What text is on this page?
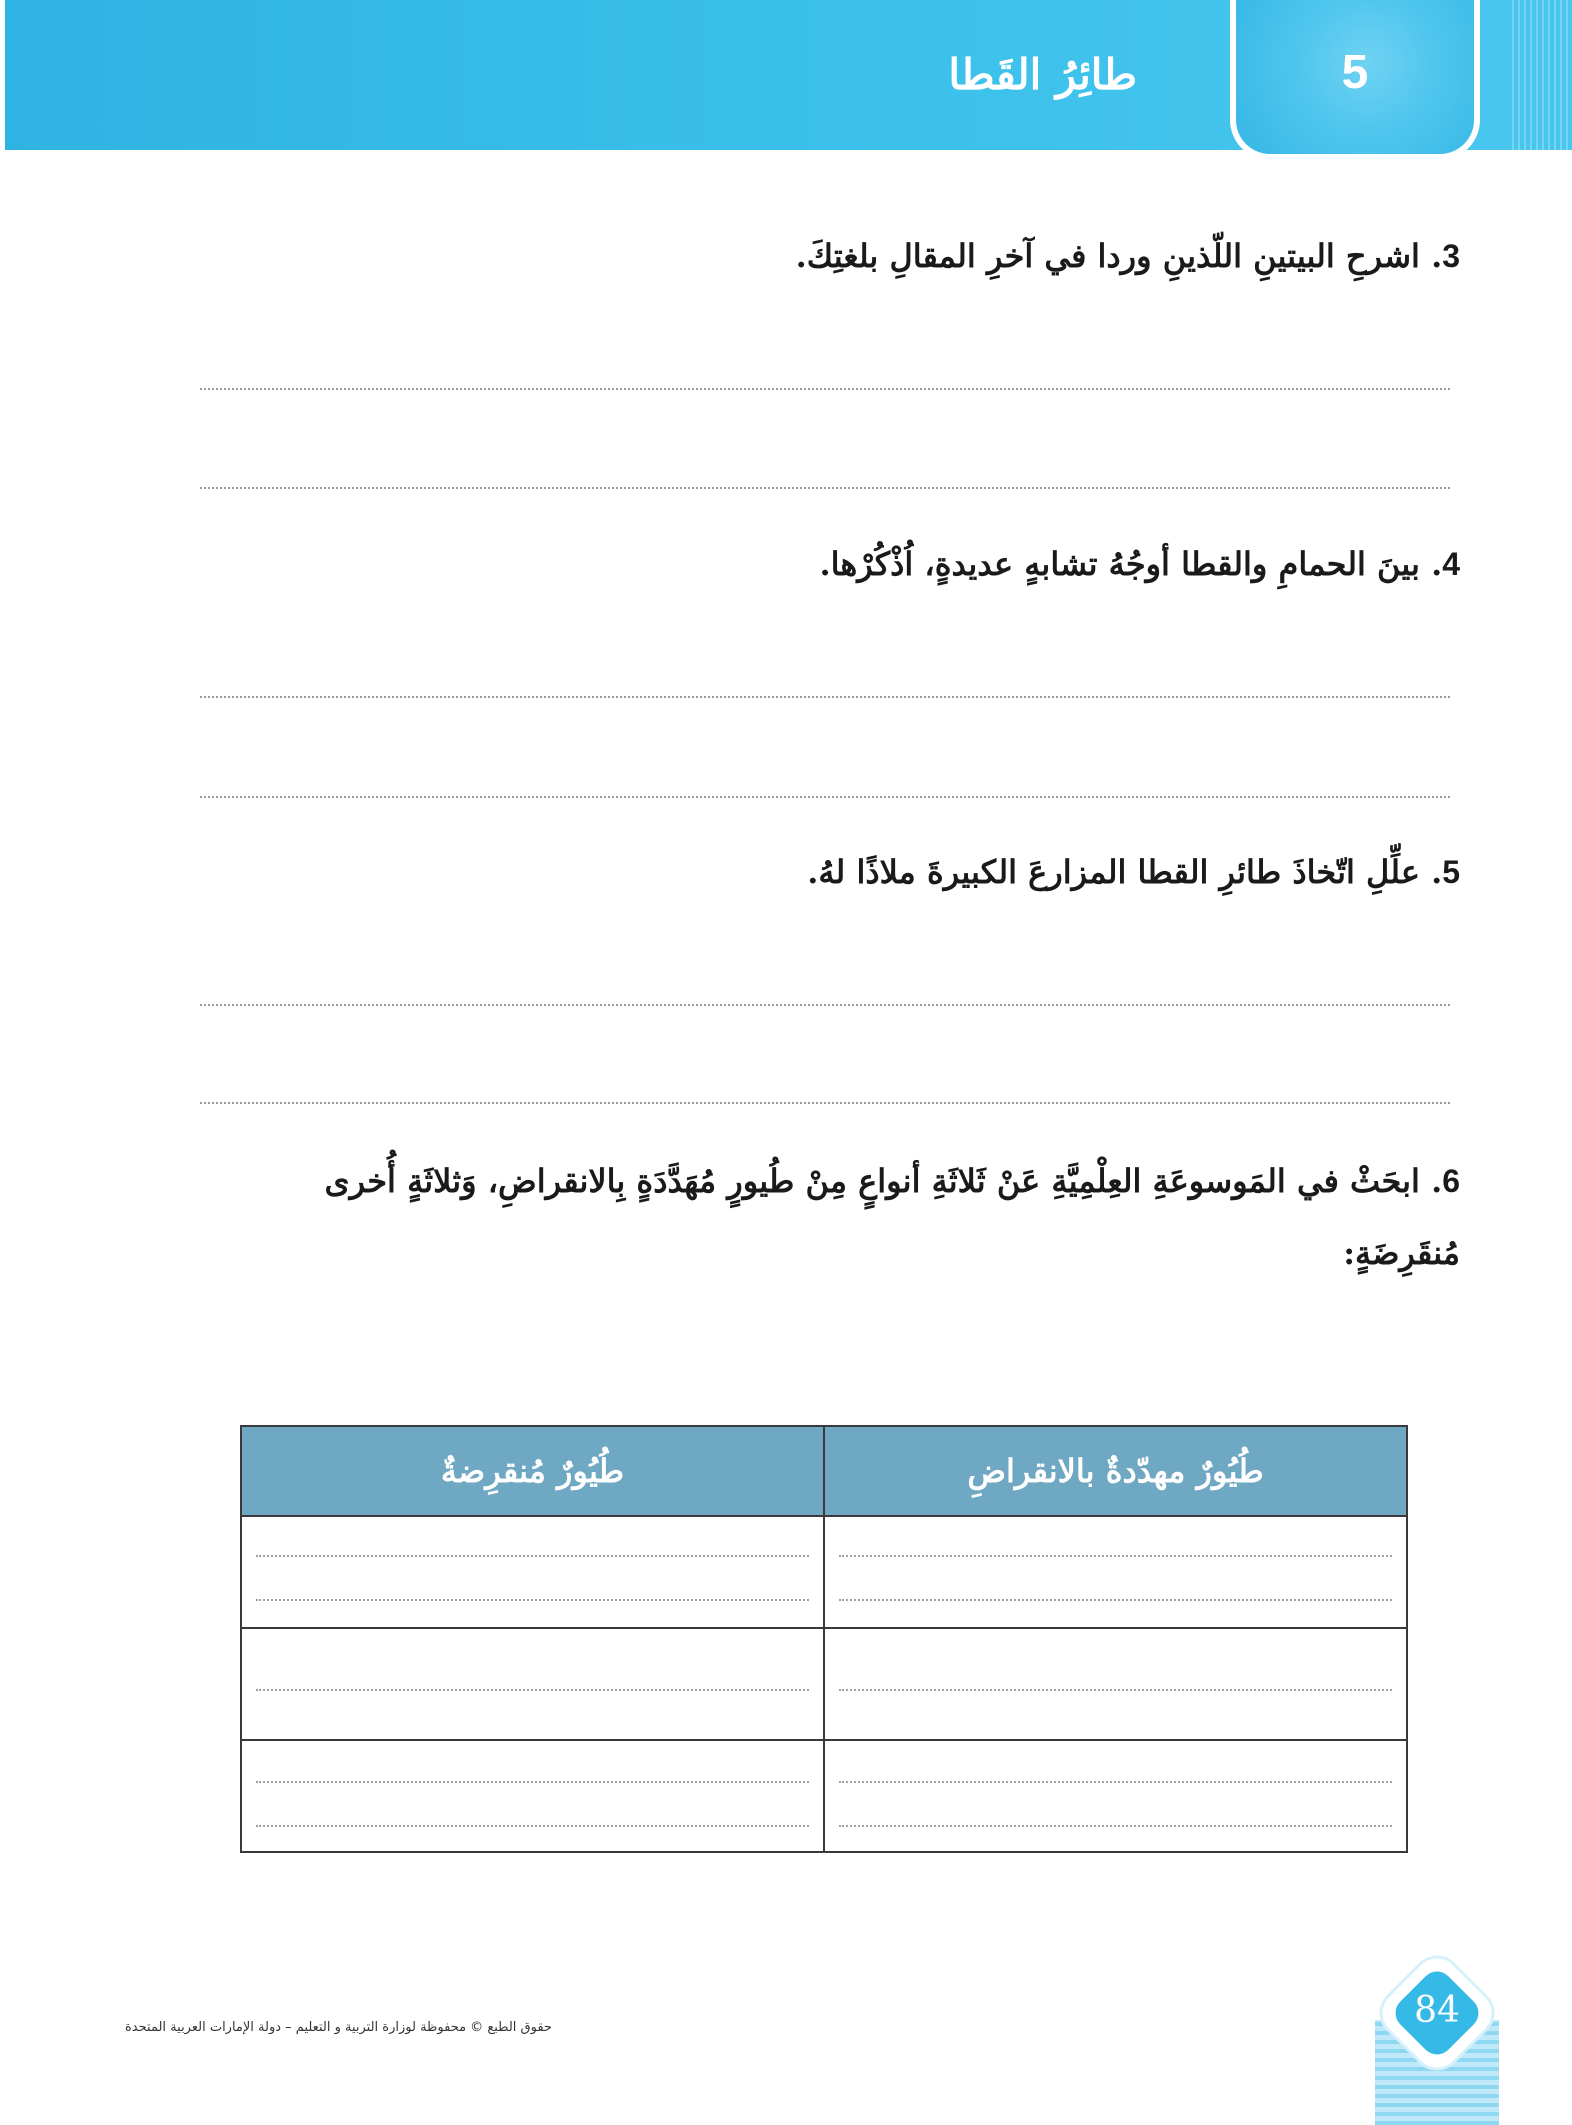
5
طائِرُ القَطا
3. اشرحِ البيتينِ اللّذينِ وردا في آخرِ المقالِ بلغتِكَ.
4. بينَ الحمامِ والقطا أوجُهُ تشابهٍ عديدةٍ، اُذْكُرْها.
5. علِّلِ اتّخاذَ طائرِ القطا المزارعَ الكبيرةَ ملاذًا لهُ.
6. ابحَثْ في المَوسوعَةِ العِلْمِيَّةِ عَنْ ثَلاثَةِ أنواعٍ مِنْ طُيورٍ مُهَدَّدَةٍ بِالانقراضِ، وَثلاثَةٍ أُخرى
مُنقَرِضَةٍ:
طُيُورٌ مهدّدةٌ بالانقراضِ	طُيُورٌ مُنقرِضةٌ

حقوق الطبع © محفوظة لوزارة التربية و التعليم – دولة الإمارات العربية المتحدة	84
